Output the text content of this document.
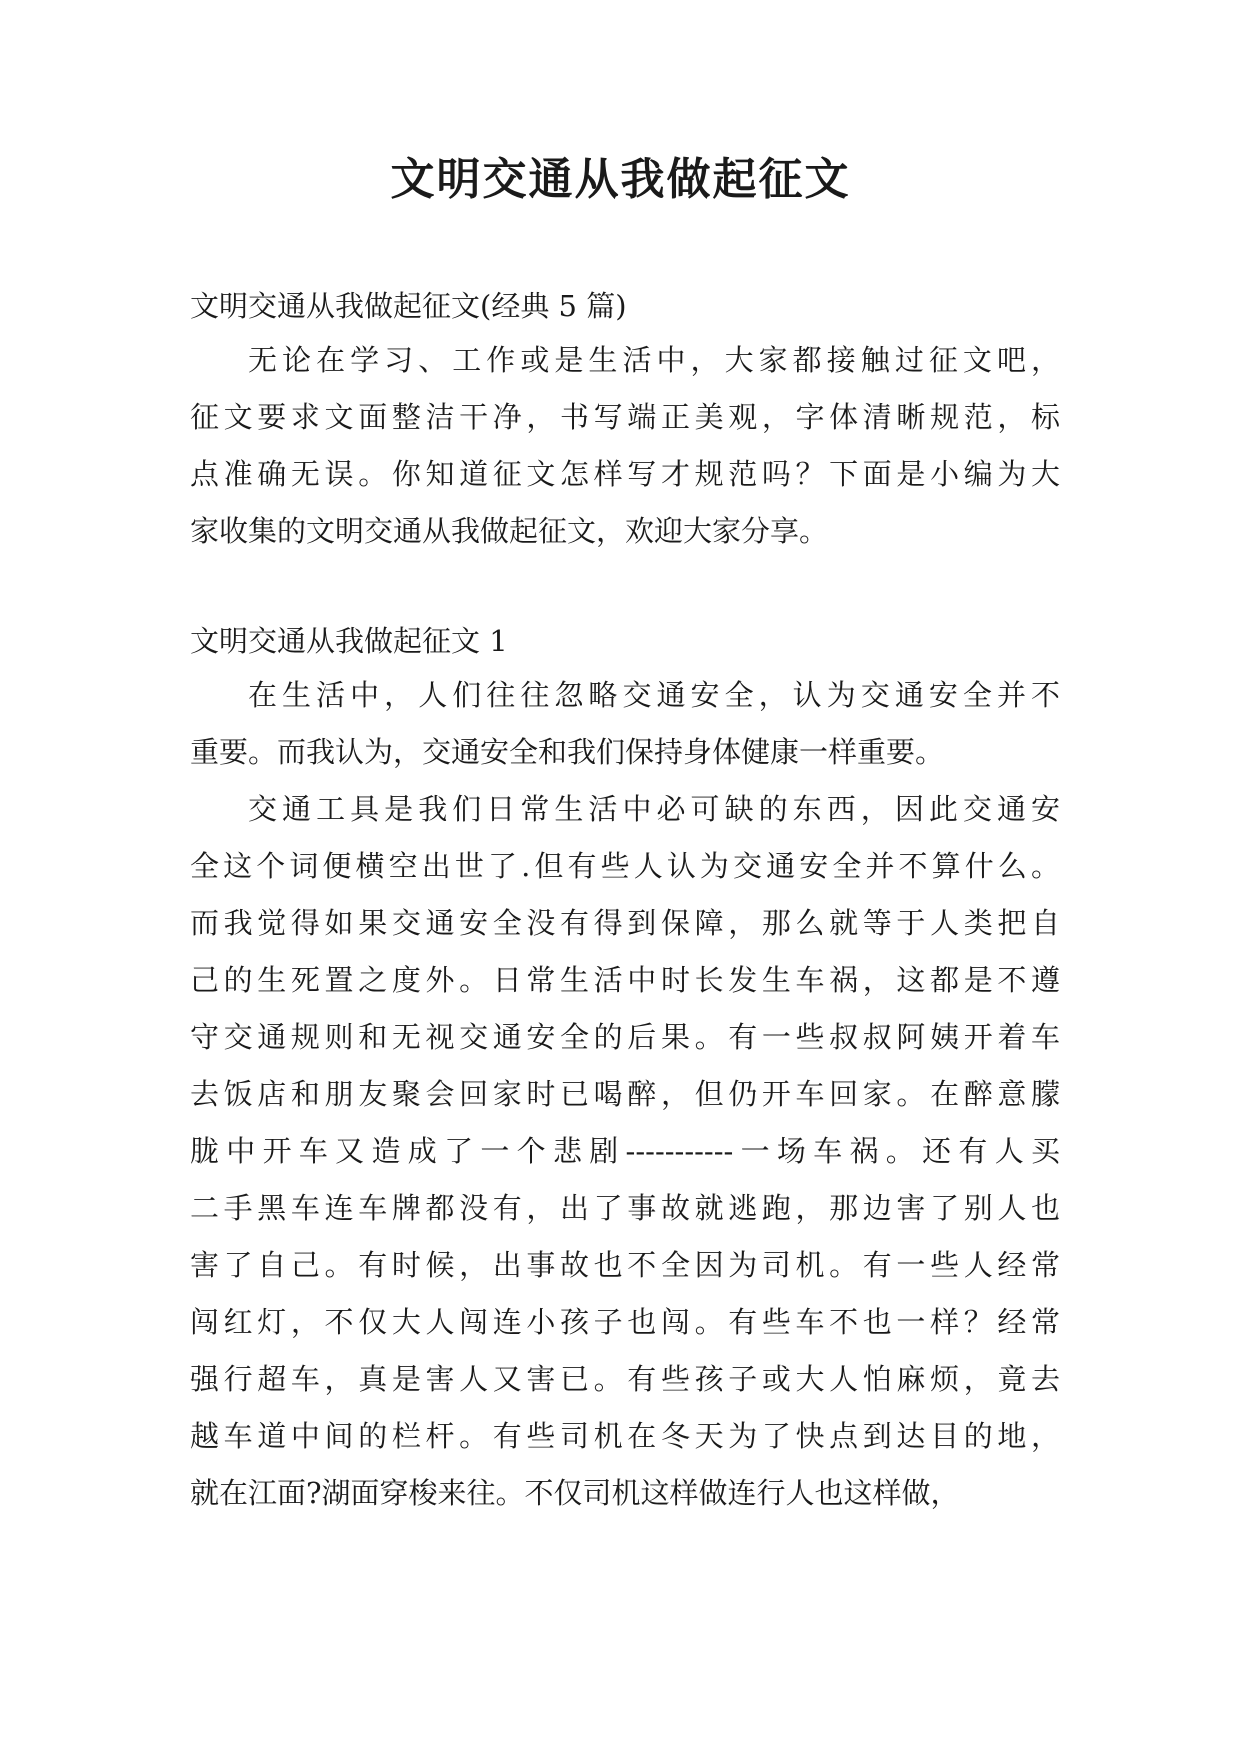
文明交通从我做起征文

文明交通从我做起征文(经典 5 篇)

无论在学习、工作或是生活中，大家都接触过征文吧，
征文要求文面整洁干净，书写端正美观，字体清晰规范，标
点准确无误。你知道征文怎样写才规范吗？下面是小编为大
家收集的文明交通从我做起征文，欢迎大家分享。

文明交通从我做起征文 1

在生活中，人们往往忽略交通安全，认为交通安全并不
重要。而我认为，交通安全和我们保持身体健康一样重要。

交通工具是我们日常生活中必可缺的东西，因此交通安
全这个词便横空出世了.但有些人认为交通安全并不算什么。
而我觉得如果交通安全没有得到保障，那么就等于人类把自
己的生死置之度外。日常生活中时长发生车祸，这都是不遵
守交通规则和无视交通安全的后果。有一些叔叔阿姨开着车
去饭店和朋友聚会回家时已喝醉，但仍开车回家。在醉意朦
胧中开车又造成了一个悲剧-----------一场车祸。还有人买
二手黑车连车牌都没有，出了事故就逃跑，那边害了别人也
害了自己。有时候，出事故也不全因为司机。有一些人经常
闯红灯，不仅大人闯连小孩子也闯。有些车不也一样？经常
强行超车，真是害人又害已。有些孩子或大人怕麻烦，竟去
越车道中间的栏杆。有些司机在冬天为了快点到达目的地，
就在江面?湖面穿梭来往。不仅司机这样做连行人也这样做，
